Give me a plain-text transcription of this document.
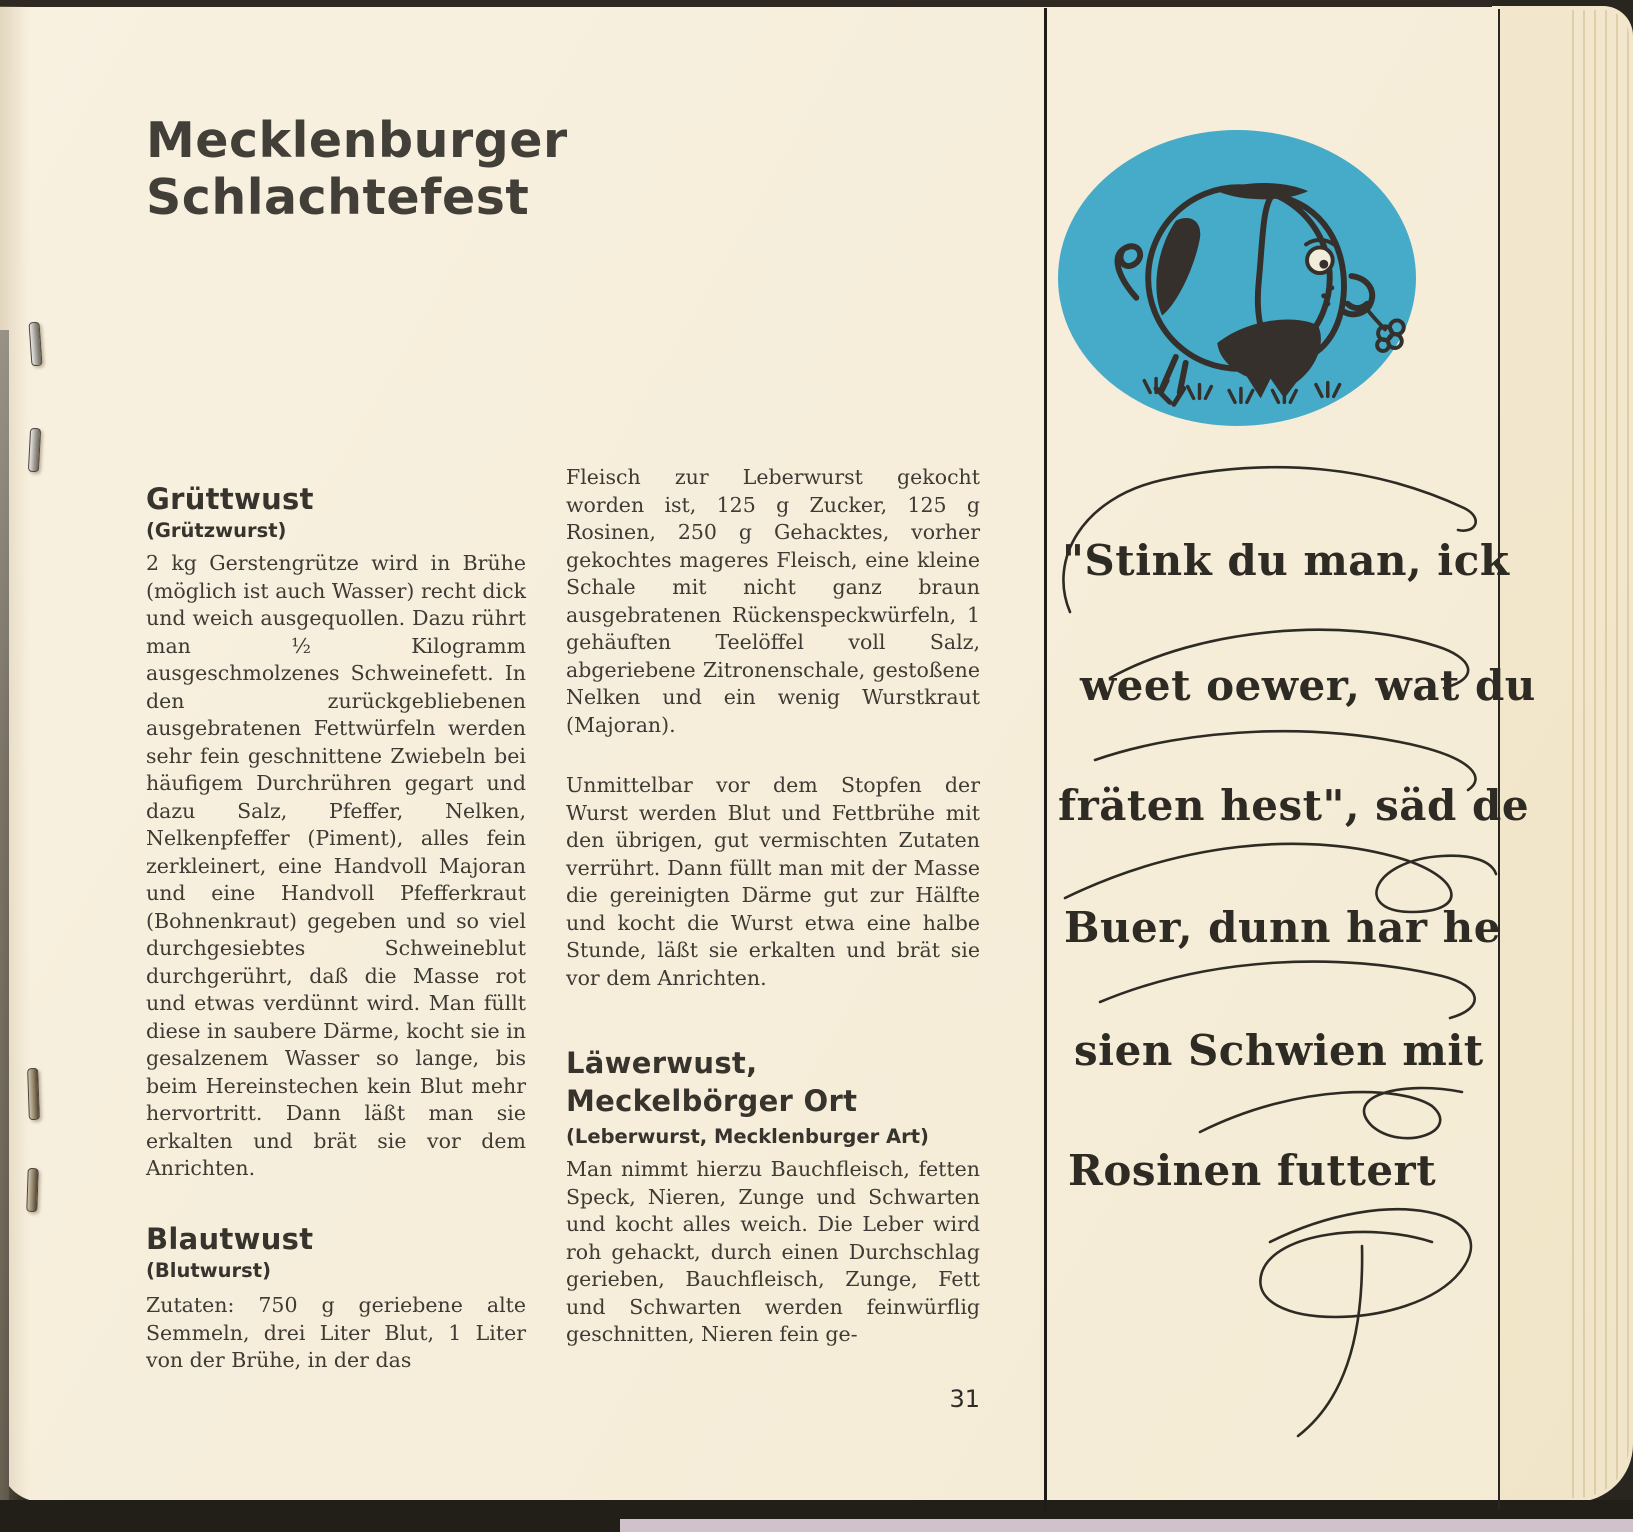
Mecklenburger Schlachtefest
Grüttwust
(Grützwurst)
2 kg Gerstengrütze wird in Brühe (möglich ist auch Wasser) recht dick und weich ausgequollen. Dazu rührt man ½ Kilogramm ausgeschmolzenes Schweinefett. In den zurückgebliebenen ausgebratenen Fettwürfeln werden sehr fein geschnittene Zwiebeln bei häufigem Durchrühren gegart und dazu Salz, Pfeffer, Nelken, Nelkenpfeffer (Piment), alles fein zerkleinert, eine Handvoll Majoran und eine Handvoll Pfefferkraut (Bohnenkraut) gegeben und so viel durchgesiebtes Schweineblut durchgerührt, daß die Masse rot und etwas verdünnt wird. Man füllt diese in saubere Därme, kocht sie in gesalzenem Wasser so lange, bis beim Hereinstechen kein Blut mehr hervortritt. Dann läßt man sie erkalten und brät sie vor dem Anrichten.
Blautwust
(Blutwurst)
Zutaten: 750 g geriebene alte Semmeln, drei Liter Blut, 1 Liter von der Brühe, in der das
Fleisch zur Leberwurst gekocht worden ist, 125 g Zucker, 125 g Rosinen, 250 g Gehacktes, vorher gekochtes mageres Fleisch, eine kleine Schale mit nicht ganz braun ausgebratenen Rückenspeckwürfeln, 1 gehäuften Teelöffel voll Salz, abgeriebene Zitronenschale, gestoßene Nelken und ein wenig Wurstkraut (Majoran).
Unmittelbar vor dem Stopfen der Wurst werden Blut und Fettbrühe mit den übrigen, gut vermischten Zutaten verrührt. Dann füllt man mit der Masse die gereinigten Därme gut zur Hälfte und kocht die Wurst etwa eine halbe Stunde, läßt sie erkalten und brät sie vor dem Anrichten.
Läwerwust,
Meckelbörger Ort
(Leberwurst, Mecklenburger Art)
Man nimmt hierzu Bauchfleisch, fetten Speck, Nieren, Zunge und Schwarten und kocht alles weich. Die Leber wird roh gehackt, durch einen Durchschlag gerieben, Bauchfleisch, Zunge, Fett und Schwarten werden feinwürflig geschnitten, Nieren fein ge-
31
"Stink du man, ick
weet oewer, wat du
fräten hest", säd de
Buer, dunn har he
sien Schwien mit
Rosinen futtert
